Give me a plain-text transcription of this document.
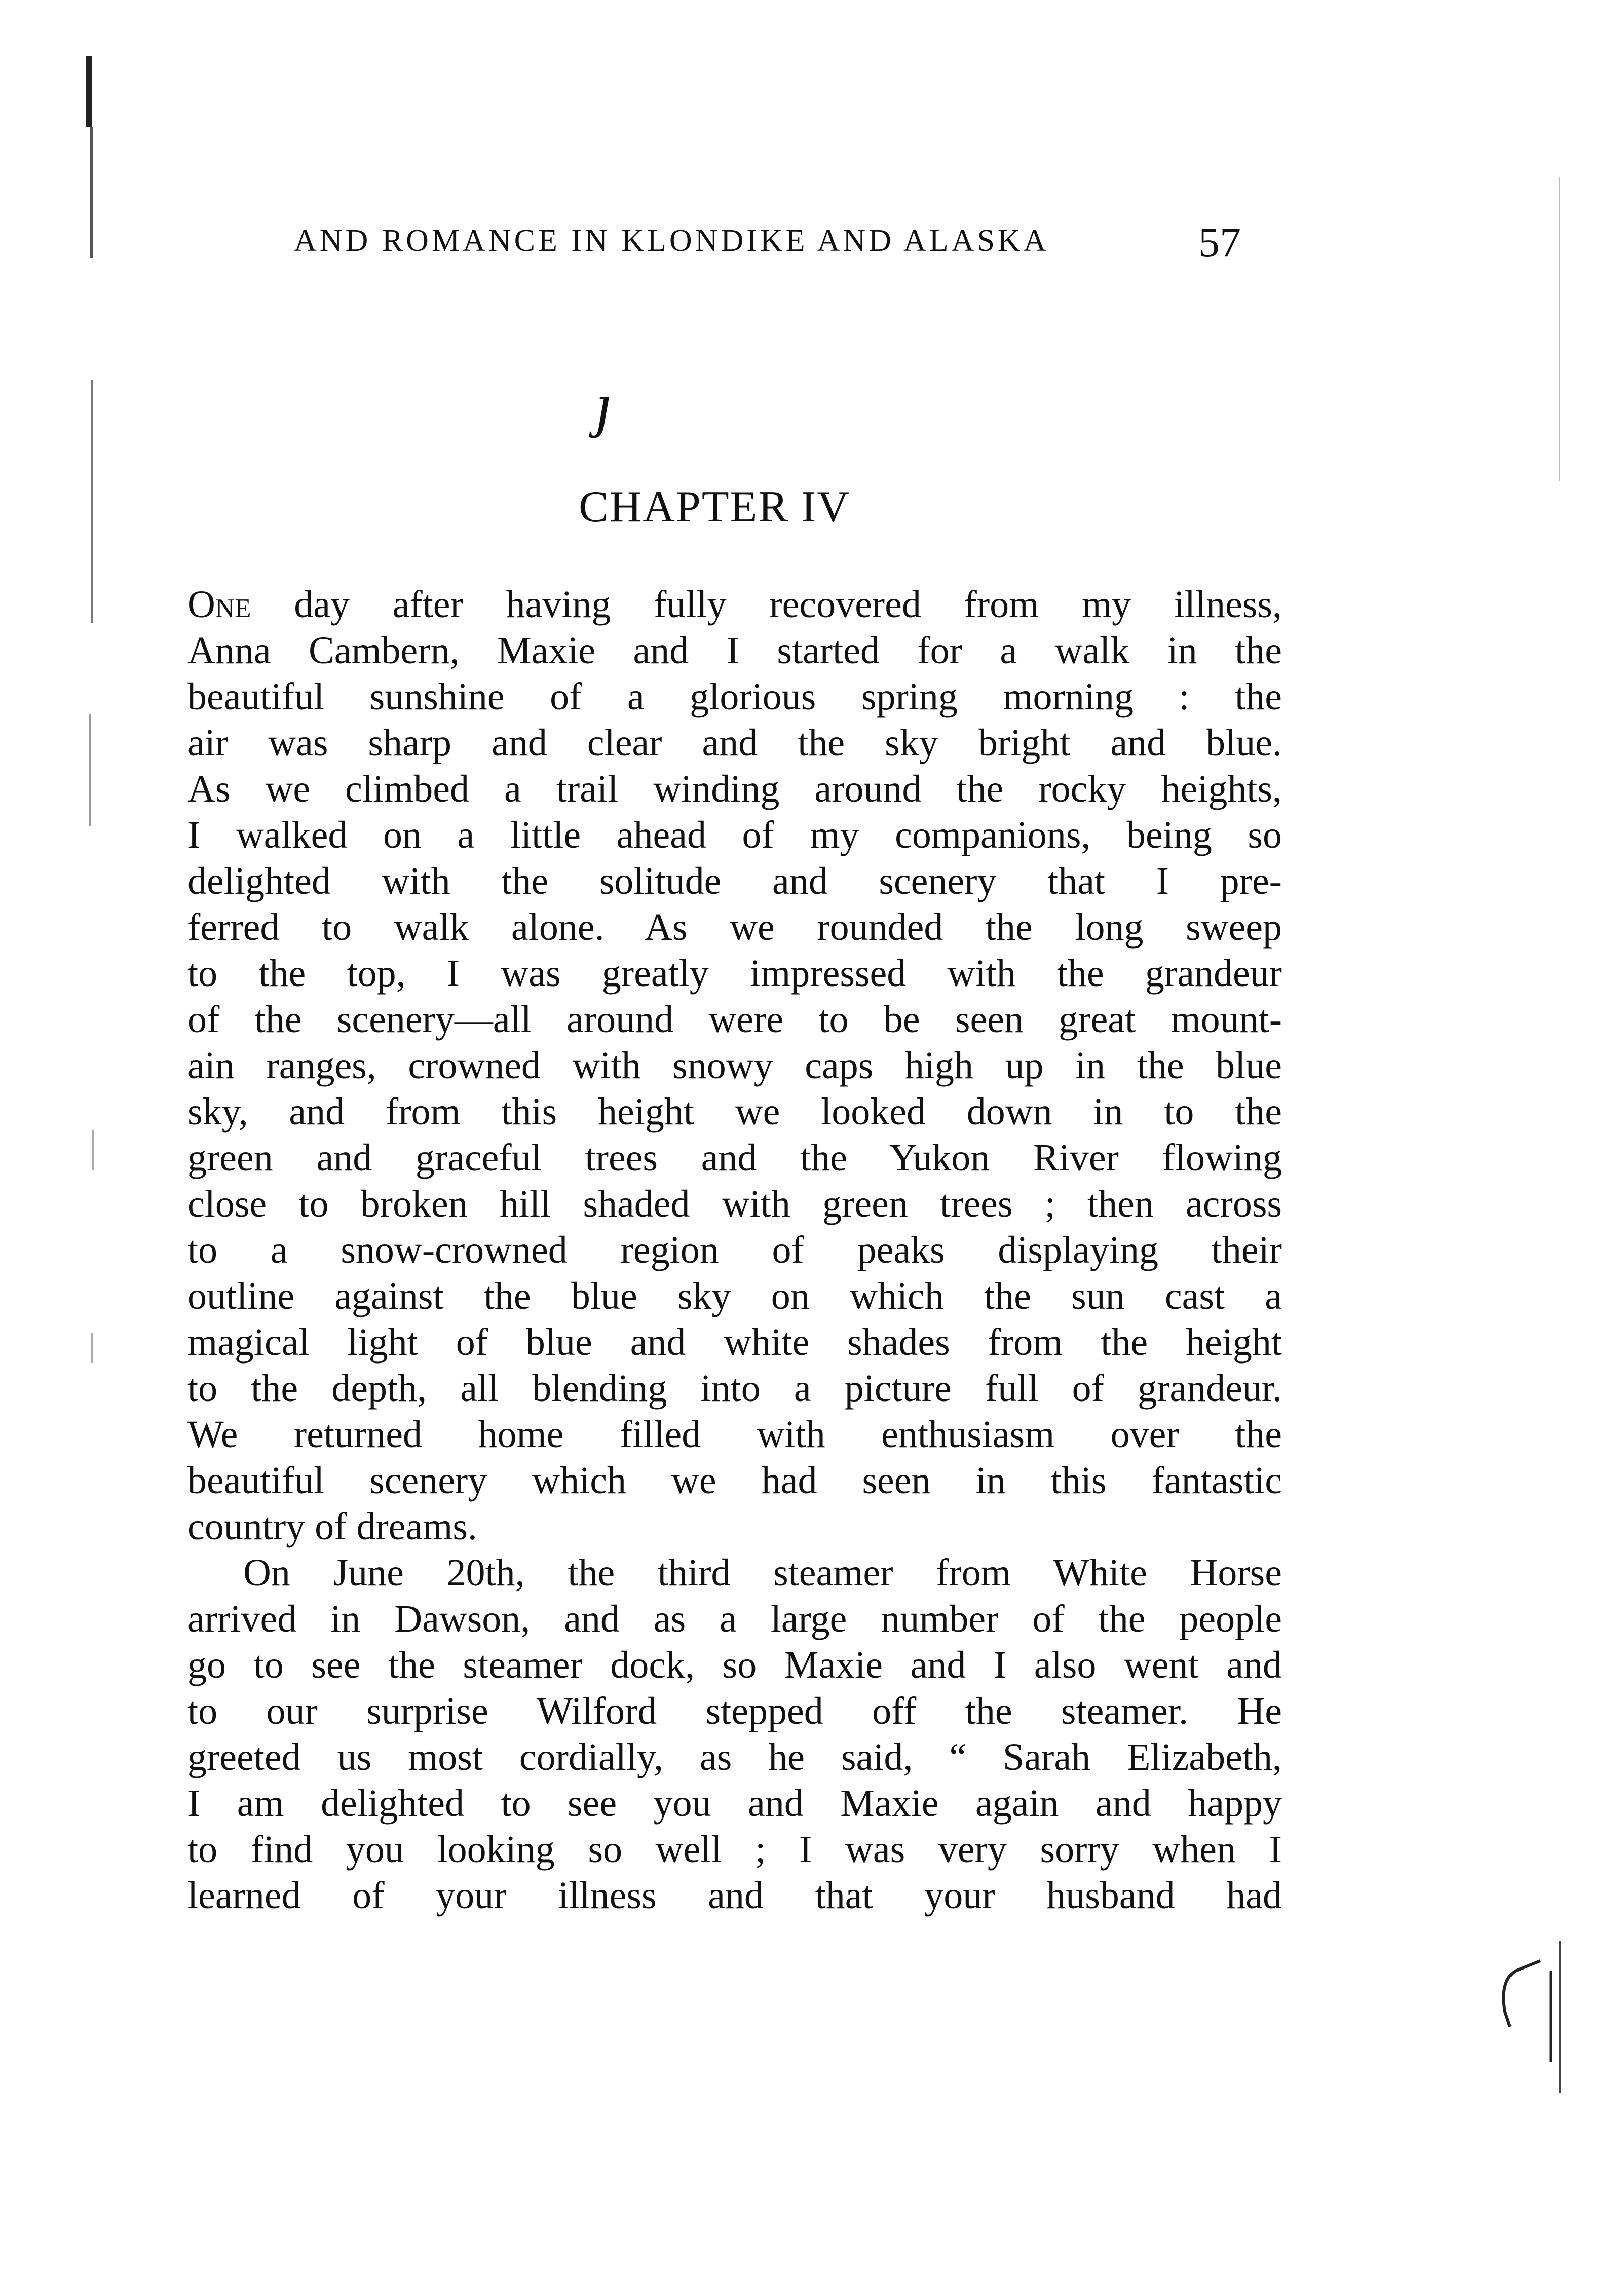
AND ROMANCE IN KLONDIKE AND ALASKA	57
ȷ
CHAPTER IV
One day after having fully recovered from my illness,
Anna Cambern, Maxie and I started for a walk in the
beautiful sunshine of a glorious spring morning : the
air was sharp and clear and the sky bright and blue.
As we climbed a trail winding around the rocky heights,
I walked on a little ahead of my companions, being so
delighted with the solitude and scenery that I pre-
ferred to walk alone. As we rounded the long sweep
to the top, I was greatly impressed with the grandeur
of the scenery—all around were to be seen great mount-
ain ranges, crowned with snowy caps high up in the blue
sky, and from this height we looked down in to the
green and graceful trees and the Yukon River flowing
close to broken hill shaded with green trees ; then across
to a snow-crowned region of peaks displaying their
outline against the blue sky on which the sun cast a
magical light of blue and white shades from the height
to the depth, all blending into a picture full of grandeur.
We returned home filled with enthusiasm over the
beautiful scenery which we had seen in this fantastic
country of dreams.
On June 20th, the third steamer from White Horse
arrived in Dawson, and as a large number of the people
go to see the steamer dock, so Maxie and I also went and
to our surprise Wilford stepped off the steamer. He
greeted us most cordially, as he said, “ Sarah Elizabeth,
I am delighted to see you and Maxie again and happy
to find you looking so well ; I was very sorry when I
learned of your illness and that your husband had
